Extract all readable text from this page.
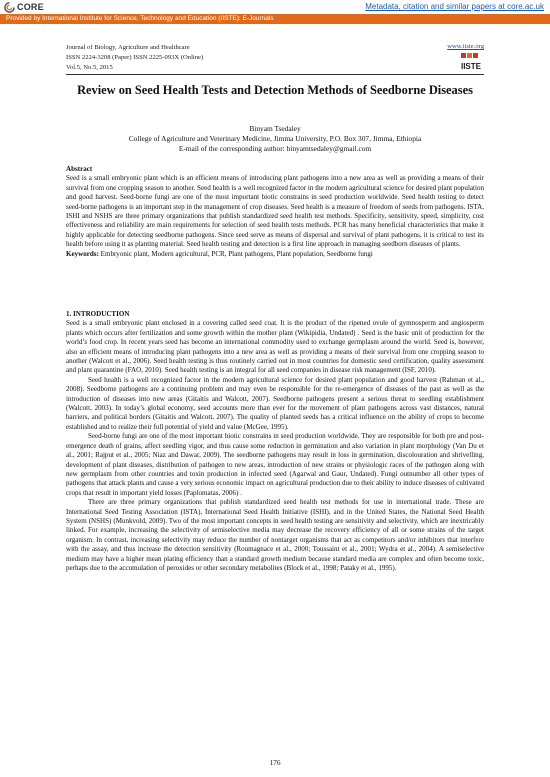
CORE	Metadata, citation and similar papers at core.ac.uk
Provided by International Institute for Science, Technology and Education (IISTE): E-Journals
Journal of Biology, Agriculture and Healthcare
ISSN 2224-3208 (Paper) ISSN 2225-093X (Online)
Vol.5, No.5, 2015
www.iiste.org
IISTE
Review on Seed Health Tests and Detection Methods of Seedborne Diseases
Binyam Tsedaley
College of Agriculture and Veterinary Medicine, Jimma University, P.O. Box 307, Jimma, Ethiopia
E-mail of the corresponding author: binyamtsedaley@gmail.com
Abstract
Seed is a small embryonic plant which is an efficient means of introducing plant pathogens into a new area as well as providing a means of their survival from one cropping season to another. Seed health is a well recognized factor in the modern agricultural science for desired plant population and good harvest. Seed-borne fungi are one of the most important biotic constrains in seed production worldwide. Seed health testing to detect seed-borne pathogens is an important step in the management of crop diseases. Seed health is a measure of freedom of seeds from pathogens. ISTA, ISHI and NSHS are three primary organizations that publish standardized seed health test methods. Specificity, sensitivity, speed, simplicity, cost effectiveness and reliability are main requirements for selection of seed health tests methods. PCR has many beneficial characteristics that make it highly applicable for detecting seedborne pathogens. Since seed serve as means of dispersal and survival of plant pathogens, it is critical to test its health before using it as planting material. Seed health testing and detection is a first line approach in managing seedborn diseases of plants.
Keywords: Embryonic plant, Modern agricultural, PCR, Plant pathogens, Plant population, Seedborne fungi
1. INTRODUCTION
Seed is a small embryonic plant enclosed in a covering called seed coat. It is the product of the ripened ovule of gymnosperm and angiosperm plants which occurs after fertilization and some growth within the mother plant (Wikipidia, Undated) . Seed is the basic unit of production for the world’s food crop. In recent years seed has become an international commodity used to exchange germplasm around the world. Seed is, however, also an efficient means of introducing plant pathogens into a new area as well as providing a means of their survival from one cropping season to another (Walcott et al., 2006). Seed health testing is thus routinely carried out in most countries for domestic seed certification, quality assessment and plant quarantine (FAO, 2010). Seed health testing is an integral for all seed companies in disease risk management (ISF, 2010).
Seed health is a well recognized factor in the modern agricultural science for desired plant population and good harvest (Rahman et al., 2008). Seedborne pathogens are a continuing problem and may even be responsible for the re-emergence of diseases of the past as well as the introduction of diseases into new areas (Gitaitis and Walcott, 2007). Seedborne pathogens present a serious threat to seedling establishment (Walcott, 2003). In today’s global economy, seed accounts more than ever for the movement of plant pathogens across vast distances, natural barriers, and political borders (Gitaitis and Walcott, 2007). The quality of planted seeds has a critical influence on the ability of crops to become established and to realize their full potential of yield and value (McGee, 1995).
Seed-borne fungi are one of the most important biotic constrains in seed production worldwide. They are responsible for both pre and post-emergence death of grains, affect seedling vigor, and thus cause some reduction in germination and also variation in plant morphology (Van Du et al., 2001; Rajput et al., 2005; Niaz and Dawar, 2009). The seedborne pathogens may result in loss in germination, discolouration and shrivelling, development of plant diseases, distribution of pathogen to new areas, introduction of new strains or physiologic races of the pathogen along with new germplasm from other countries and toxin production in infected seed (Agarwal and Gaur, Undated). Fungi outnumber all other types of pathogens that attack plants and cause a very serious economic impact on agricultural production due to their ability to induce diseases of cultivated crops that result in important yield losses (Paplomatas, 2006) .
There are three primary organizations that publish standardized seed health test methods for use in international trade. These are International Seed Testing Association (ISTA), International Seed Health Initiative (ISHI), and in the United States, the National Seed Health System (NSHS) (Munkvold, 2009). Two of the most important concepts in seed health testing are sensitivity and selectivity, which are inextricably linked. For example, increasing the selectivity of semiselective media may decrease the recovery efficiency of all or some strains of the target organism. In contrast, increasing selectivity may reduce the number of nontarget organisms that act as competitors and/or inhibitors that interfere with the assay, and thus increase the detection sensitivity (Roumagnace et al., 2000; Toussaint et al., 2001; Wydra et al., 2004). A semiselective medium may have a higher mean plating efficiency than a standard growth medium because standard media are complex and often become toxic, perhaps due to the accumulation of peroxides or other secondary metabolites (Block et al., 1998; Pataky et al., 1995).
176
